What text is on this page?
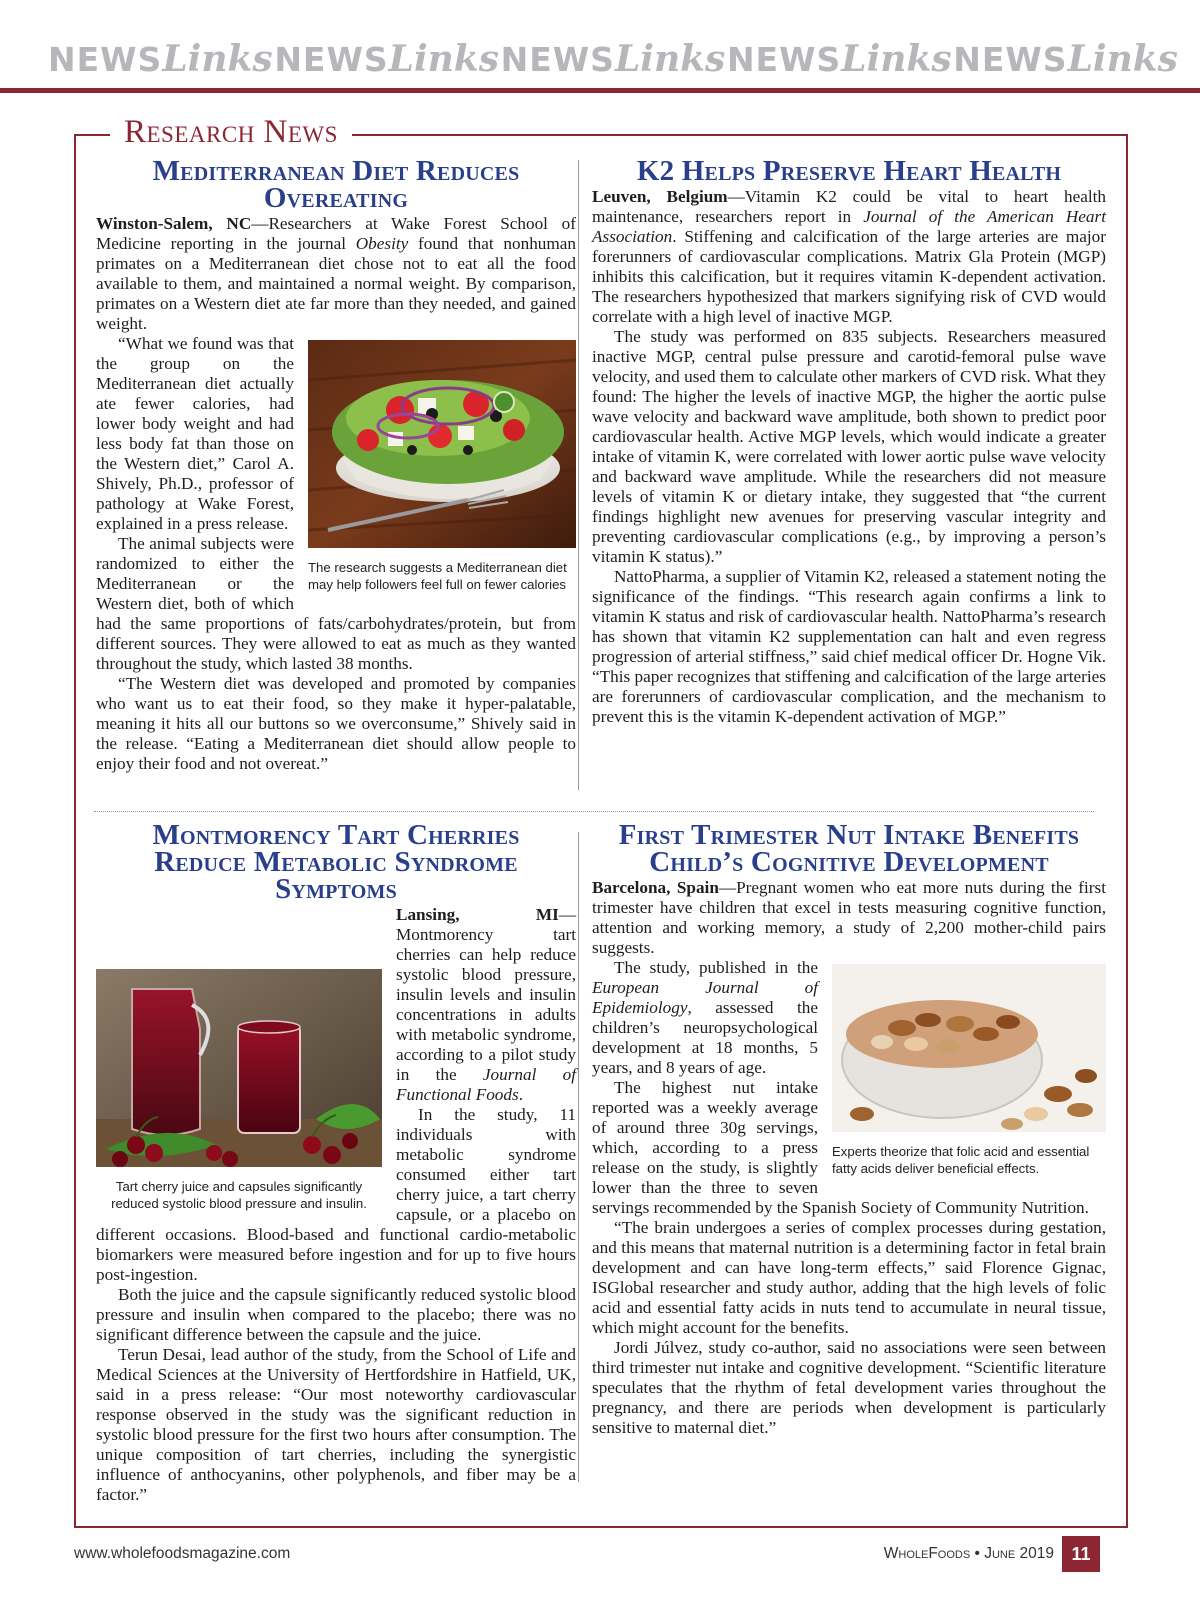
NEWSLinks NEWSLinks NEWSLinks NEWSLinks NEWSLinks
Research News
Mediterranean Diet Reduces Overeating

Winston-Salem, NC—Researchers at Wake Forest School of Medicine reporting in the journal Obesity found that nonhuman primates on a Mediterranean diet chose not to eat all the food available to them, and maintained a normal weight. By comparison, primates on a Western diet ate far more than they needed, and gained weight.

The research suggests a Mediterranean diet may help followers feel full on fewer calories

“What we found was that the group on the Mediterranean diet actually ate fewer calories, had lower body weight and had less body fat than those on the Western diet,” Carol A. Shively, Ph.D., professor of pathology at Wake Forest, explained in a press release.

The animal subjects were randomized to either the Mediterranean or the Western diet, both of which had the same proportions of fats/carbohydrates/protein, but from different sources. They were allowed to eat as much as they wanted throughout the study, which lasted 38 months.

“The Western diet was developed and promoted by companies who want us to eat their food, so they make it hyper-palatable, meaning it hits all our buttons so we overconsume,” Shively said in the release. “Eating a Mediterranean diet should allow people to enjoy their food and not overeat.”

K2 Helps Preserve Heart Health

Leuven, Belgium—Vitamin K2 could be vital to heart health maintenance, researchers report in Journal of the American Heart Association. Stiffening and calcification of the large arteries are major forerunners of cardiovascular complications. Matrix Gla Protein (MGP) inhibits this calcification, but it requires vitamin K-dependent activation. The researchers hypothesized that markers signifying risk of CVD would correlate with a high level of inactive MGP.

The study was performed on 835 subjects. Researchers measured inactive MGP, central pulse pressure and carotid-femoral pulse wave velocity, and used them to calculate other markers of CVD risk. What they found: The higher the levels of inactive MGP, the higher the aortic pulse wave velocity and backward wave amplitude, both shown to predict poor cardiovascular health. Active MGP levels, which would indicate a greater intake of vitamin K, were correlated with lower aortic pulse wave velocity and backward wave amplitude. While the researchers did not measure levels of vitamin K or dietary intake, they suggested that “the current findings highlight new avenues for preserving vascular integrity and preventing cardiovascular complications (e.g., by improving a person’s vitamin K status).”

NattoPharma, a supplier of Vitamin K2, released a statement noting the significance of the findings. “This research again confirms a link to vitamin K status and risk of cardiovascular health. NattoPharma’s research has shown that vitamin K2 supplementation can halt and even regress progression of arterial stiffness,” said chief medical officer Dr. Hogne Vik. “This paper recognizes that stiffening and calcification of the large arteries are forerunners of cardiovascular complication, and the mechanism to prevent this is the vitamin K-dependent activation of MGP.”

Montmorency Tart Cherries
Reduce Metabolic Syndrome Symptoms
Tart cherry juice and capsules significantly reduced systolic blood pressure and insulin.

Lansing, MI—Montmorency tart cherries can help reduce systolic blood pressure, insulin levels and insulin concentrations in adults with metabolic syndrome, according to a pilot study in the Journal of Functional Foods.

In the study, 11 individuals with metabolic syndrome consumed either tart cherry juice, a tart cherry capsule, or a placebo on different occasions. Blood-based and functional cardio-metabolic biomarkers were measured before ingestion and for up to five hours post-ingestion.

Both the juice and the capsule significantly reduced systolic blood pressure and insulin when compared to the placebo; there was no significant difference between the capsule and the juice.

Terun Desai, lead author of the study, from the School of Life and Medical Sciences at the University of Hertfordshire in Hatfield, UK, said in a press release: “Our most noteworthy cardiovascular response observed in the study was the significant reduction in systolic blood pressure for the first two hours after consumption. The unique composition of tart cherries, including the synergistic influence of anthocyanins, other polyphenols, and fiber may be a factor.”

First Trimester Nut Intake Benefits
Child’s Cognitive Development

Barcelona, Spain—Pregnant women who eat more nuts during the first trimester have children that excel in tests measuring cognitive function, attention and working memory, a study of 2,200 mother-child pairs suggests.

Experts theorize that folic acid and essential fatty acids deliver beneficial effects.

The study, published in the European Journal of Epidemiology, assessed the children’s neuropsychological development at 18 months, 5 years, and 8 years of age.

The highest nut intake reported was a weekly average of around three 30g servings, which, according to a press release on the study, is slightly lower than the three to seven servings recommended by the Spanish Society of Community Nutrition.

“The brain undergoes a series of complex processes during gestation, and this means that maternal nutrition is a determining factor in fetal brain development and can have long-term effects,” said Florence Gignac, ISGlobal researcher and study author, adding that the high levels of folic acid and essential fatty acids in nuts tend to accumulate in neural tissue, which might account for the benefits.

Jordi Júlvez, study co-author, said no associations were seen between third trimester nut intake and cognitive development. “Scientific literature speculates that the rhythm of fetal development varies throughout the pregnancy, and there are periods when development is particularly sensitive to maternal diet.”

www.wholefoodsmagazine.com	WholeFoods • June 2019 11
